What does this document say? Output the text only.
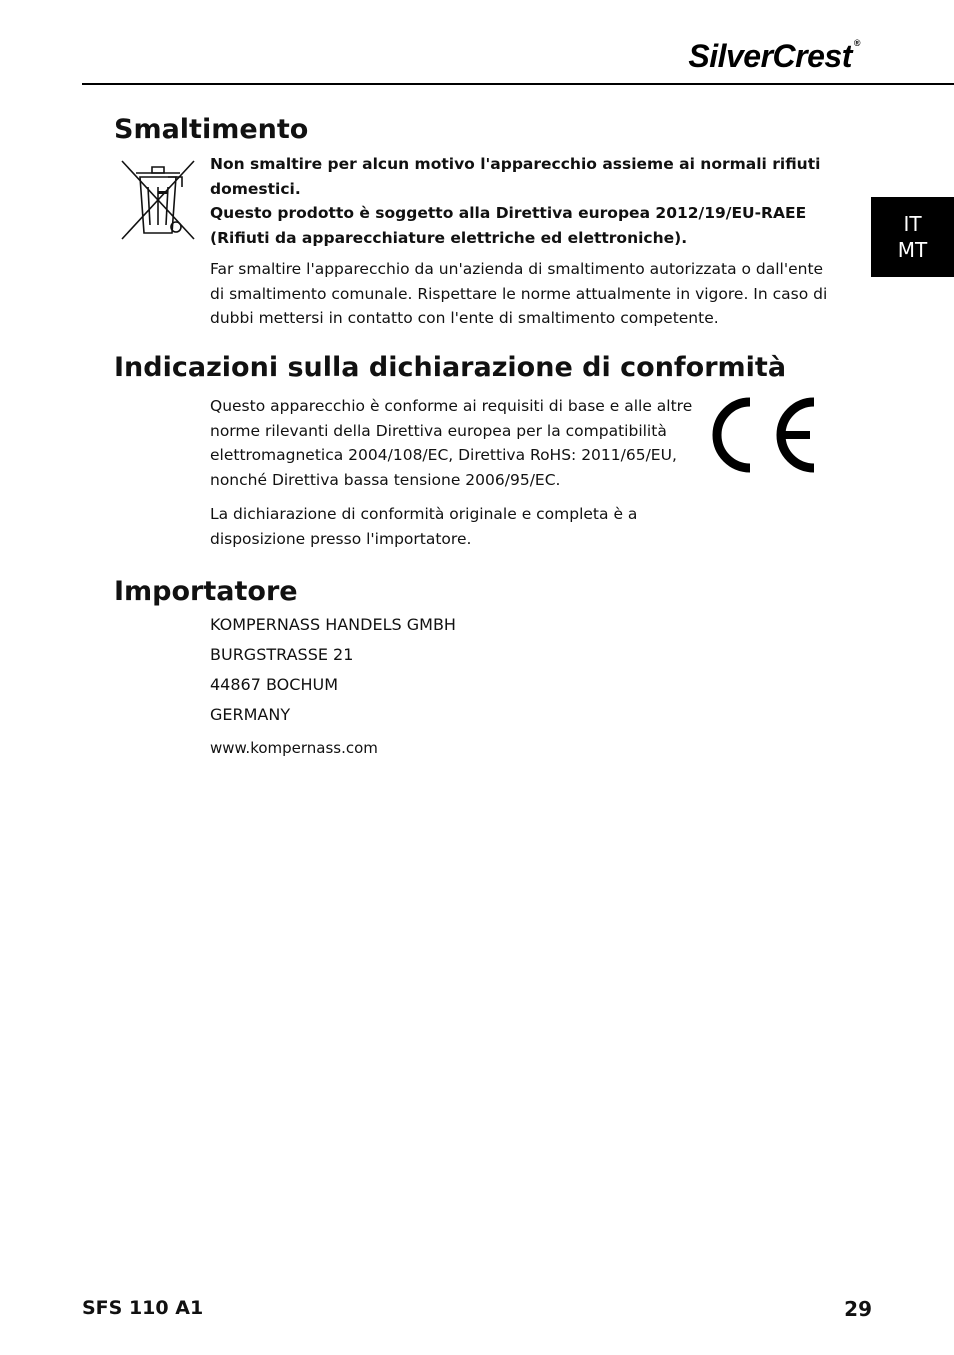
SilverCrest ®
IT
MT
Smaltimento

Non smaltire per alcun motivo l'apparecchio assieme ai normali rifiuti domestici.

Questo prodotto è soggetto alla Direttiva europea 2012/19/EU-RAEE (Rifiuti da apparecchiature elettriche ed elettroniche).

Far smaltire l'apparecchio da un'azienda di smaltimento autorizzata o dall'ente di smaltimento comunale. Rispettare le norme attualmente in vigore. In caso di dubbi mettersi in contatto con l'ente di smaltimento competente.

Indicazioni sulla dichiarazione di conformità

Questo apparecchio è conforme ai requisiti di base e alle altre norme rilevanti della Direttiva europea per la compatibilità elettromagnetica 2004/108/EC, Direttiva RoHS: 2011/65/EU, nonché Direttiva bassa tensione 2006/95/EC.

La dichiarazione di conformità originale e completa è a disposizione presso l'importatore.

Importatore

KOMPERNASS HANDELS GMBH

BURGSTRASSE 21

44867 BOCHUM

GERMANY

www.kompernass.com

SFS 110 A1	29
